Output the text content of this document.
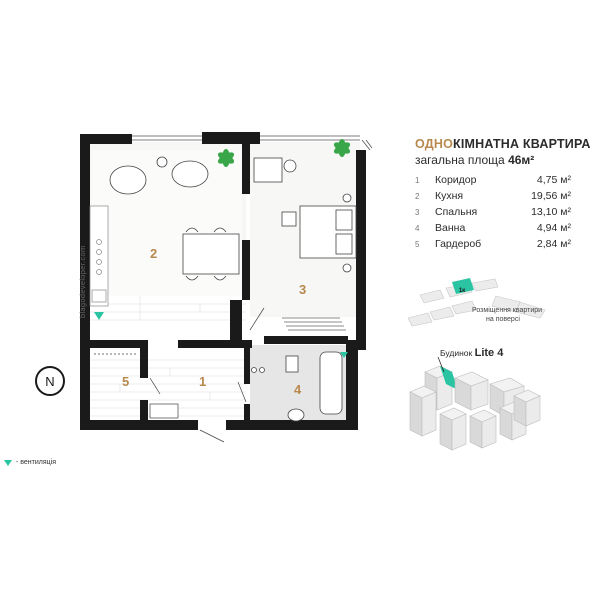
N
1к
2
3
1
5
4
blagodeveloper.com
ОДНОКІМНАТНА КВАРТИРА
загальна площа 46м²
1	Коридор	4,75 м²
2	Кухня	19,56 м²
3	Спальня	13,10 м²
4	Ванна	4,94 м²
5	Гардероб	2,84 м²
Розміщення квартири
на поверсі
Будинок Lite 4
- вентиляція
